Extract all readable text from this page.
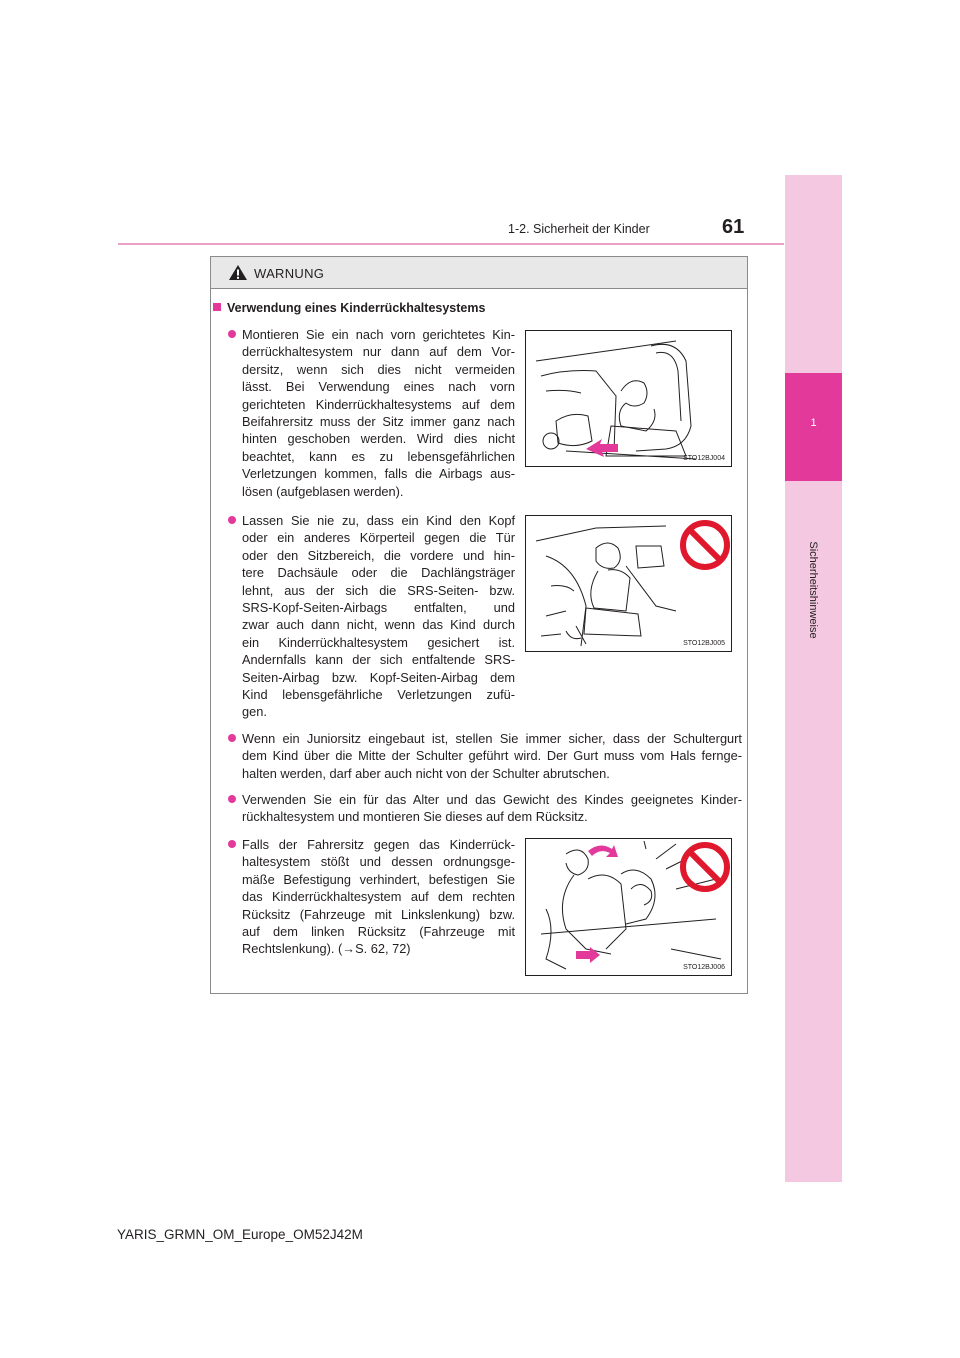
1
Sicherheitshinweise
1-2. Sicherheit der Kinder	61
WARNUNG
Verwendung eines Kinderrückhaltesystems

Montieren Sie ein nach vorn gerichtetes Kin-
derrückhaltesystem nur dann auf dem Vor-
dersitz, wenn sich dies nicht vermeiden
lässt. Bei Verwendung eines nach vorn
gerichteten Kinderrückhaltesystems auf dem
Beifahrersitz muss der Sitz immer ganz nach
hinten geschoben werden. Wird dies nicht
beachtet, kann es zu lebensgefährlichen
Verletzungen kommen, falls die Airbags aus-
lösen (aufgeblasen werden).

STO12BJ004

Lassen Sie nie zu, dass ein Kind den Kopf
oder ein anderes Körperteil gegen die Tür
oder den Sitzbereich, die vordere und hin-
tere Dachsäule oder die Dachlängsträger
lehnt, aus der sich die SRS-Seiten- bzw.
SRS-Kopf-Seiten-Airbags entfalten, und
zwar auch dann nicht, wenn das Kind durch
ein Kinderrückhaltesystem gesichert ist.
Andernfalls kann der sich entfaltende SRS-
Seiten-Airbag bzw. Kopf-Seiten-Airbag dem
Kind lebensgefährliche Verletzungen zufü-
gen.

STO12BJ005

Wenn ein Juniorsitz eingebaut ist, stellen Sie immer sicher, dass der Schultergurt
dem Kind über die Mitte der Schulter geführt wird. Der Gurt muss vom Hals fernge-
halten werden, darf aber auch nicht von der Schulter abrutschen.

Verwenden Sie ein für das Alter und das Gewicht des Kindes geeignetes Kinder-
rückhaltesystem und montieren Sie dieses auf dem Rücksitz.

Falls der Fahrersitz gegen das Kinderrück-
haltesystem stößt und dessen ordnungsge-
mäße Befestigung verhindert, befestigen Sie
das Kinderrückhaltesystem auf dem rechten
Rücksitz (Fahrzeuge mit Linkslenkung) bzw.
auf dem linken Rücksitz (Fahrzeuge mit
Rechtslenkung). (→S. 62, 72)

STO12BJ006
YARIS_GRMN_OM_Europe_OM52J42M
